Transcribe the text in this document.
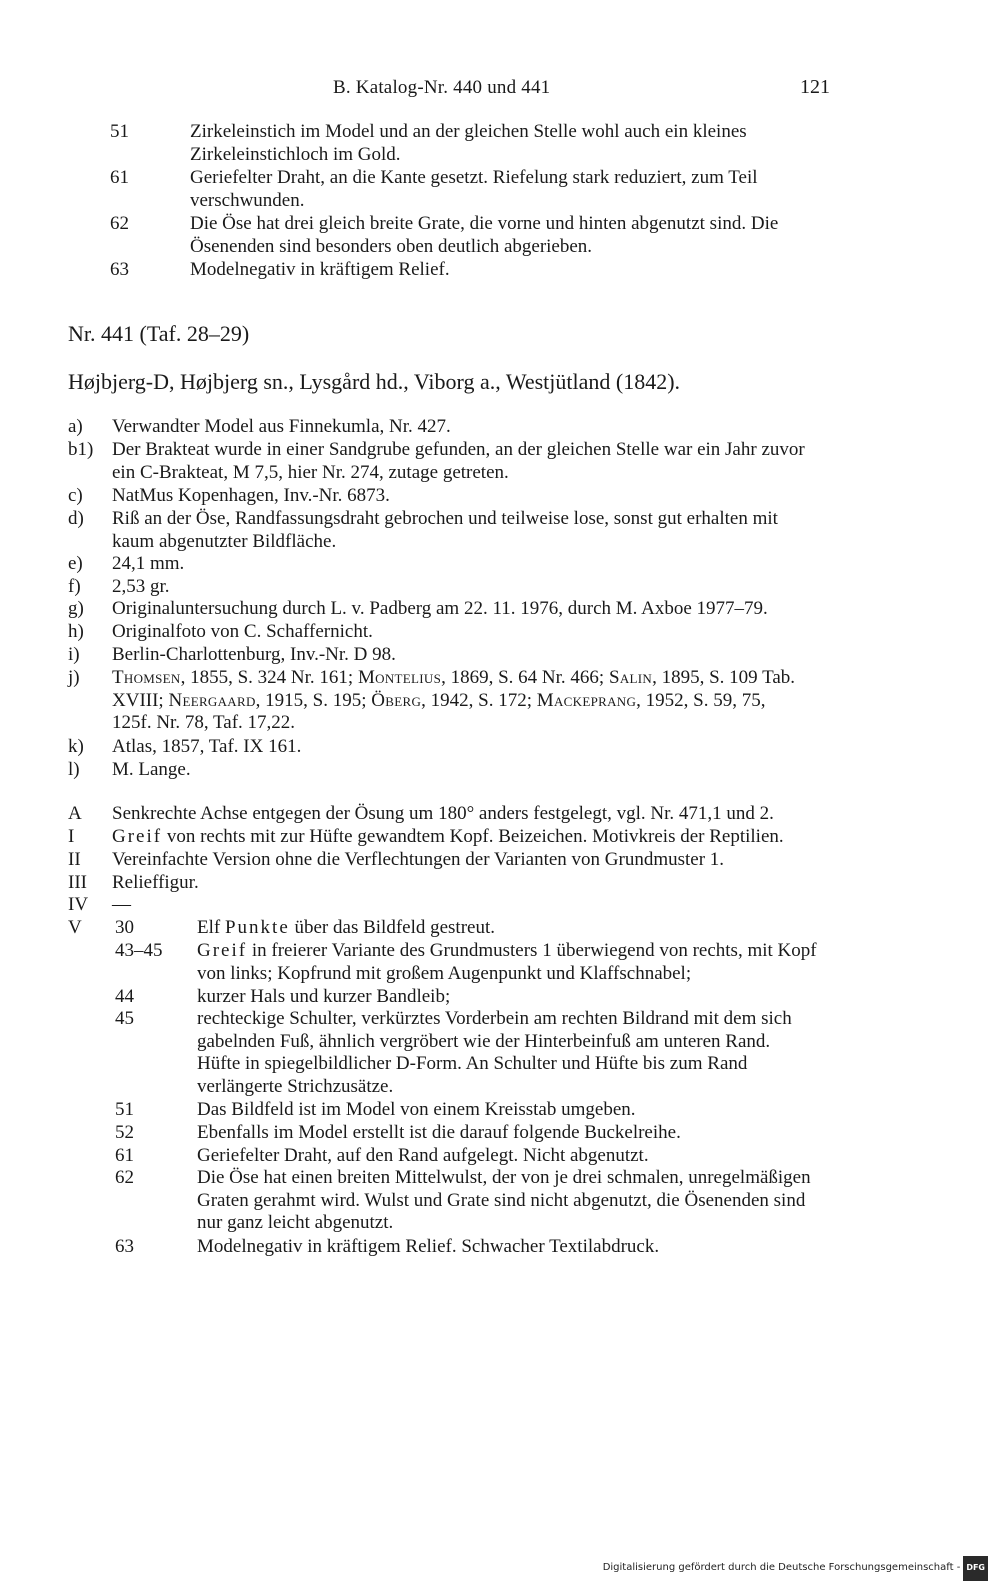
B. Katalog-Nr. 440 und 441	121
51	Zirkeleinstich im Model und an der gleichen Stelle wohl auch ein kleines
Zirkeleinstichloch im Gold.
61	Geriefelter Draht, an die Kante gesetzt. Riefelung stark reduziert, zum Teil
verschwunden.
62	Die Öse hat drei gleich breite Grate, die vorne und hinten abgenutzt sind. Die
Ösenenden sind besonders oben deutlich abgerieben.
63	Modelnegativ in kräftigem Relief.
Nr. 441 (Taf. 28–29)
Højbjerg-D, Højbjerg sn., Lysgård hd., Viborg a., Westjütland (1842).
a) Verwandter Model aus Finnekumla, Nr. 427.
b1) Der Brakteat wurde in einer Sandgrube gefunden, an der gleichen Stelle war ein Jahr zuvor
ein C-Brakteat, M 7,5, hier Nr. 274, zutage getreten.
c) NatMus Kopenhagen, Inv.-Nr. 6873.
d) Riß an der Öse, Randfassungsdraht gebrochen und teilweise lose, sonst gut erhalten mit
kaum abgenutzter Bildfläche.
e) 24,1 mm.
f) 2,53 gr.
g) Originaluntersuchung durch L. v. Padberg am 22. 11. 1976, durch M. Axboe 1977–79.
h) Originalfoto von C. Schaffernicht.
i) Berlin-Charlottenburg, Inv.-Nr. D 98.
j) Thomsen, 1855, S. 324 Nr. 161; Montelius, 1869, S. 64 Nr. 466; Salin, 1895, S. 109 Tab.
XVIII; Neergaard, 1915, S. 195; Öberg, 1942, S. 172; Mackeprang, 1952, S. 59, 75,
125f. Nr. 78, Taf. 17,22.
k) Atlas, 1857, Taf. IX 161.
l) M. Lange.
A Senkrechte Achse entgegen der Ösung um 180° anders festgelegt, vgl. Nr. 471,1 und 2.
I Greif von rechts mit zur Hüfte gewandtem Kopf. Beizeichen. Motivkreis der Reptilien.
II Vereinfachte Version ohne die Verflechtungen der Varianten von Grundmuster 1.
III Relieffigur.
IV —
V 30	Elf Punkte über das Bildfeld gestreut.
43–45 Greif in freierer Variante des Grundmusters 1 überwiegend von rechts, mit Kopf
von links; Kopfrund mit großem Augenpunkt und Klaffschnabel;
44	kurzer Hals und kurzer Bandleib;
45	rechteckige Schulter, verkürztes Vorderbein am rechten Bildrand mit dem sich
gabelnden Fuß, ähnlich vergröbert wie der Hinterbeinfuß am unteren Rand.
Hüfte in spiegelbildlicher D-Form. An Schulter und Hüfte bis zum Rand
verlängerte Strichzusätze.
51	Das Bildfeld ist im Model von einem Kreisstab umgeben.
52	Ebenfalls im Model erstellt ist die darauf folgende Buckelreihe.
61	Geriefelter Draht, auf den Rand aufgelegt. Nicht abgenutzt.
62	Die Öse hat einen breiten Mittelwulst, der von je drei schmalen, unregelmäßigen
Graten gerahmt wird. Wulst und Grate sind nicht abgenutzt, die Ösenenden sind
nur ganz leicht abgenutzt.
63	Modelnegativ in kräftigem Relief. Schwacher Textilabdruck.
Digitalisierung gefördert durch die Deutsche Forschungsgemeinschaft - DFG
